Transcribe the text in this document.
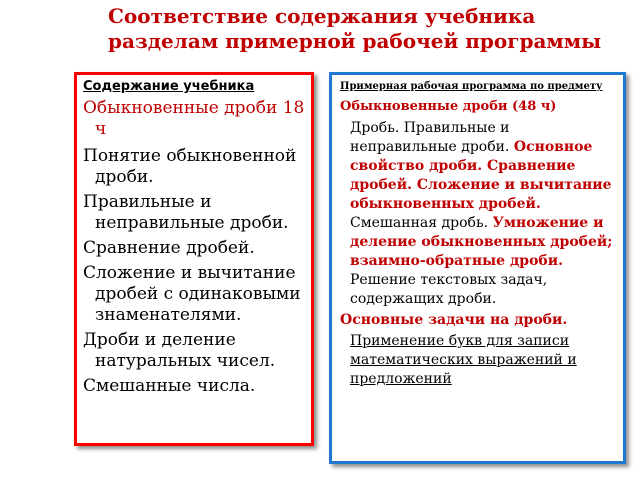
Соответствие содержания учебника разделам примерной рабочей программы
Содержание учебника
Обыкновенные дроби 18 ч
Понятие обыкновенной дроби.
Правильные и неправильные дроби.
Сравнение дробей.
Сложение и вычитание дробей с одинаковыми знаменателями.
Дроби и деление натуральных чисел.
Смешанные числа.
Примерная рабочая программа по предмету
Обыкновенные дроби (48 ч)

Дробь. Правильные и неправильные дроби. Основное свойство дроби. Сравнение дробей. Сложение и вычитание обыкновенных дробей. Смешанная дробь. Умножение и деление обыкновенных дробей; взаимно-обратные дроби. Решение текстовых задач, содержащих дроби.

Основные задачи на дроби.

Применение букв для записи математических выражений и предложений
